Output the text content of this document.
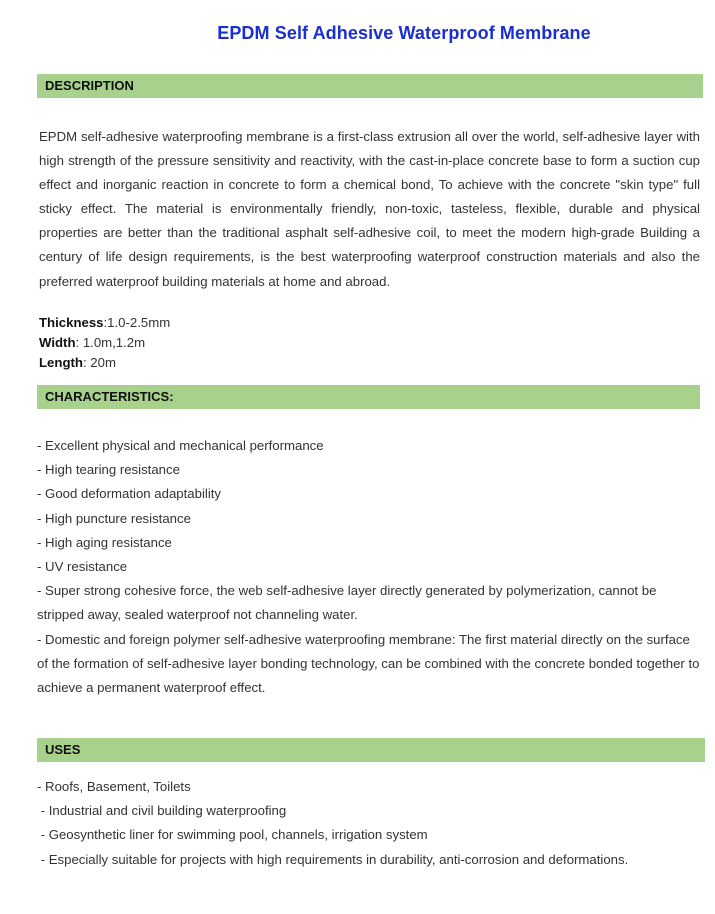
EPDM Self Adhesive Waterproof Membrane
DESCRIPTION
EPDM self-adhesive waterproofing membrane is a first-class extrusion all over the world, self-adhesive layer with high strength of the pressure sensitivity and reactivity, with the cast-in-place concrete base to form a suction cup effect and inorganic reaction in concrete to form a chemical bond, To achieve with the concrete "skin type" full sticky effect. The material is environmentally friendly, non-toxic, tasteless, flexible, durable and physical properties are better than the traditional asphalt self-adhesive coil, to meet the modern high-grade Building a century of life design requirements, is the best waterproofing waterproof construction materials and also the preferred waterproof building materials at home and abroad.
Thickness:1.0-2.5mm
Width: 1.0m,1.2m
Length: 20m
CHARACTERISTICS:
- Excellent physical and mechanical performance
- High tearing resistance
- Good deformation adaptability
- High puncture resistance
- High aging resistance
- UV resistance
- Super strong cohesive force, the web self-adhesive layer directly generated by polymerization, cannot be stripped away, sealed waterproof not channeling water.
- Domestic and foreign polymer self-adhesive waterproofing membrane: The first material directly on the surface of the formation of self-adhesive layer bonding technology, can be combined with the concrete bonded together to achieve a permanent waterproof effect.
USES
- Roofs, Basement, Toilets
- Industrial and civil building waterproofing
- Geosynthetic liner for swimming pool, channels, irrigation system
- Especially suitable for projects with high requirements in durability, anti-corrosion and deformations.
